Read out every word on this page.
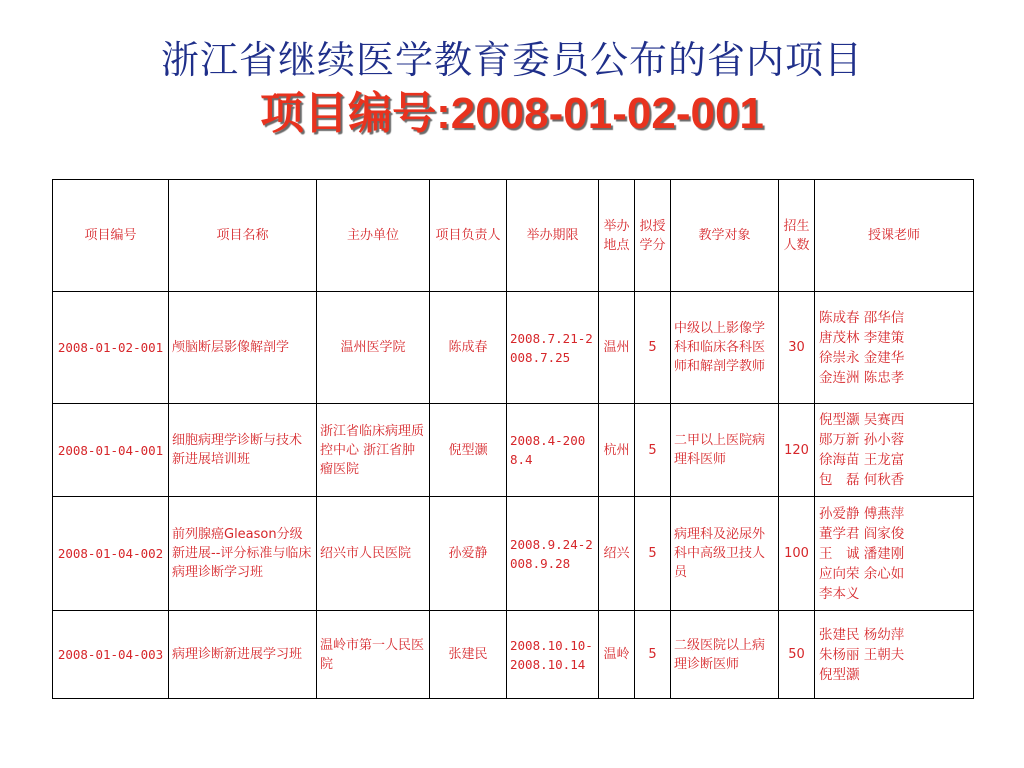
浙江省继续医学教育委员公布的省内项目
项目编号:2008-01-02-001
项目编号	项目名称	主办单位	项目负责人	举办期限	举办地点	拟授学分	教学对象	招生人数	授课老师
2008-01-02-001	颅脑断层影像解剖学	温州医学院	陈成春	2008.7.21-2008.7.25	温州	5	中级以上影像学科和临床各科医师和解剖学教师	30	陈成春 邵华信
唐茂林 李建策
徐崇永 金建华
金连洲 陈忠孝

2008-01-04-001	细胞病理学诊断与技术新进展培训班	浙江省临床病理质控中心 浙江省肿瘤医院	倪型灏	2008.4-2008.4	杭州	5	二甲以上医院病理科医师	120	倪型灏 吴赛西
郧万新 孙小蓉
徐海苗 王龙富
包　磊 何秋香

2008-01-04-002	前列腺癌Gleason分级新进展--评分标准与临床病理诊断学习班	绍兴市人民医院	孙爱静	2008.9.24-2008.9.28	绍兴	5	病理科及泌尿外科中高级卫技人员	100	孙爱静 傅燕萍
董学君 阎家俊
王　诚 潘建刚
应向荣 余心如
李本义

2008-01-04-003	病理诊断新进展学习班	温岭市第一人民医院	张建民	2008.10.10-2008.10.14	温岭	5	二级医院以上病理诊断医师	50	张建民 杨幼萍
朱杨丽 王朝夫
倪型灏
